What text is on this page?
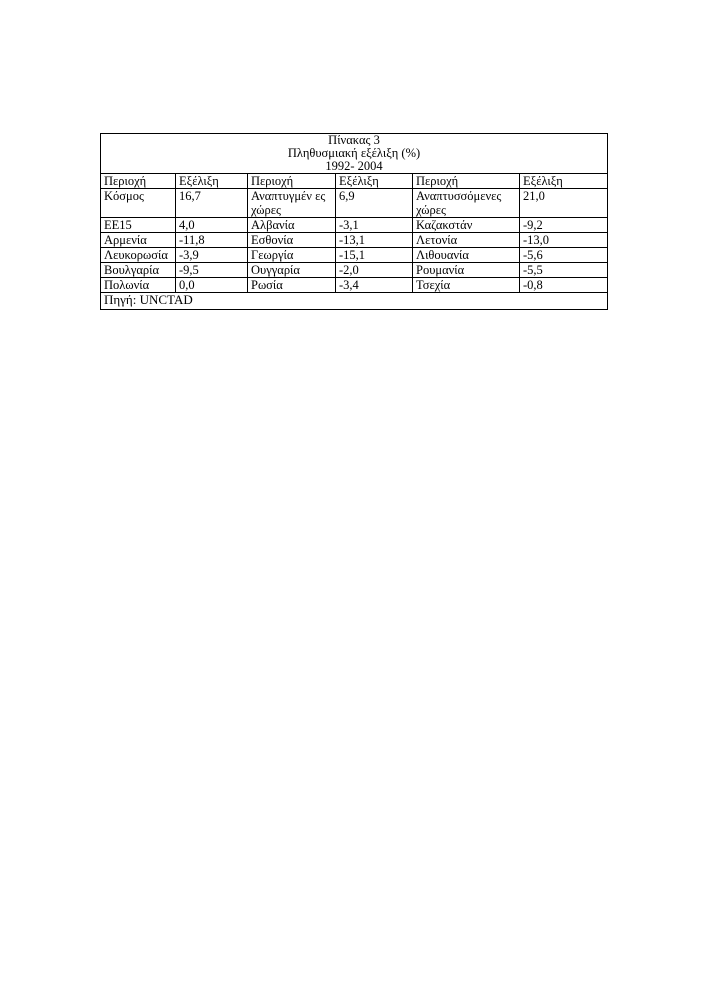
Πίνακας 3
Πληθυσμιακή εξέλιξη (%)
1992- 2004					

Περιοχή	Εξέλιξη	Περιοχή	Εξέλιξη	Περιοχή	Εξέλιξη
Κόσμος	16,7	Αναπτυγμέν ες χώρες	6,9	Αναπτυσσόμενες χώρες	21,0
ΕΕ15	4,0	Αλβανία	-3,1	Καζακστάν	-9,2
Αρμενία	-11,8	Εσθονία	-13,1	Λετονία	-13,0
Λευκορωσία	-3,9	Γεωργία	-15,1	Λιθουανία	-5,6
Βουλγαρία	-9,5	Ουγγαρία	-2,0	Ρουμανία	-5,5
Πολωνία	0,0	Ρωσία	-3,4	Τσεχία	-0,8
Πηγή: UNCTAD					
